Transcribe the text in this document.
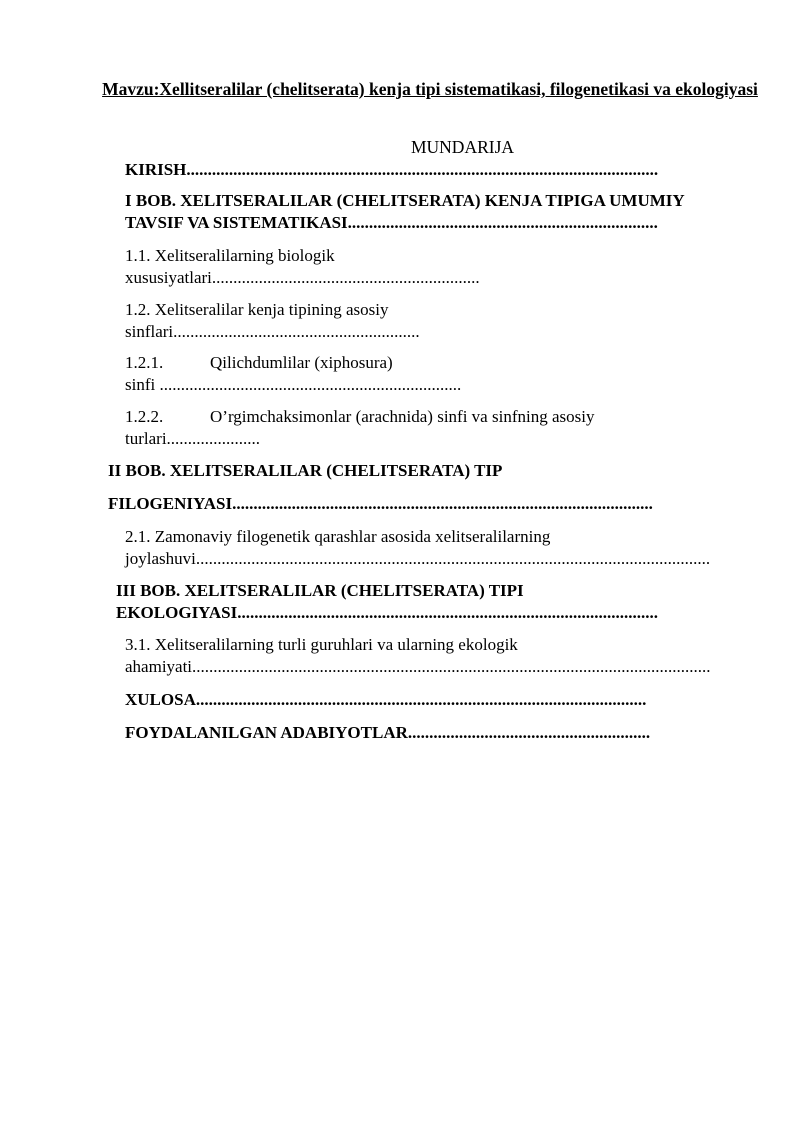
Mavzu:Xellitseralilar (chelitserata) kenja tipi sistematikasi, filogenetikasi va ekologiyasi

MUNDARIJA

KIRISH...............................................................................................................

I BOB. XELITSERALILAR (CHELITSERATA) KENJA TIPIGA UMUMIY

TAVSIF VA SISTEMATIKASI.........................................................................

1.1. Xelitseralilarning biologik

xususiyatlari...............................................................

1.2. Xelitseralilar kenja tipining asosiy

sinflari..........................................................

1.2.1.	Qilichdumlilar (xiphosura)

sinfi .......................................................................

1.2.2.	O’rgimchaksimonlar (arachnida) sinfi va sinfning asosiy

turlari......................

II BOB. XELITSERALILAR (CHELITSERATA) TIP

FILOGENIYASI...................................................................................................

2.1. Zamonaviy filogenetik qarashlar asosida xelitseralilarning

joylashuvi.........................................................................................................................

III BOB. XELITSERALILAR (CHELITSERATA) TIPI

EKOLOGIYASI...................................................................................................

3.1. Xelitseralilarning turli guruhlari va ularning ekologik

ahamiyati..........................................................................................................................

XULOSA..........................................................................................................

FOYDALANILGAN ADABIYOTLAR.........................................................
